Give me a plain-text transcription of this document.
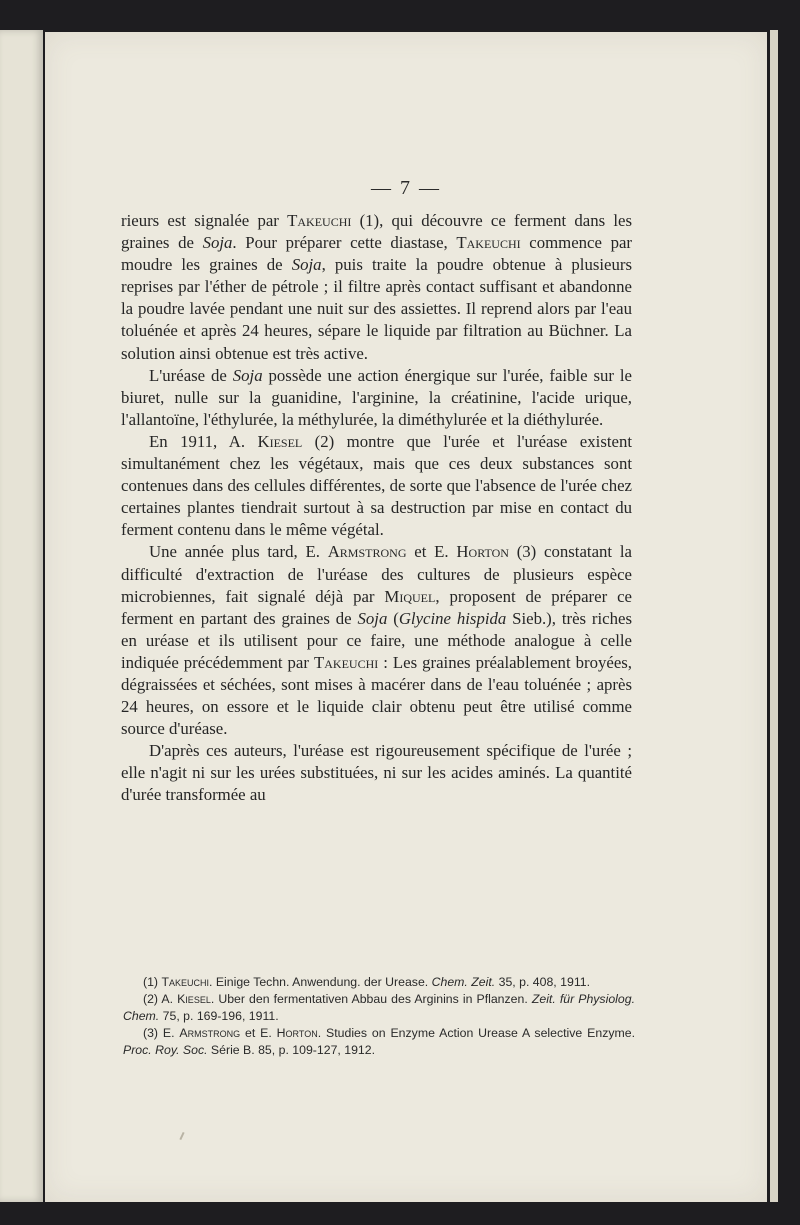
— 7 —

rieurs est signalée par Takeuchi (1), qui découvre ce ferment dans les graines de Soja. Pour préparer cette diastase, Takeuchi commence par moudre les graines de Soja, puis traite la poudre obtenue à plusieurs reprises par l'éther de pétrole ; il filtre après contact suffisant et abandonne la poudre lavée pendant une nuit sur des assiettes. Il reprend alors par l'eau toluénée et après 24 heures, sépare le liquide par filtration au Büchner. La solution ainsi obtenue est très active.

L'uréase de Soja possède une action énergique sur l'urée, faible sur le biuret, nulle sur la guanidine, l'arginine, la créatinine, l'acide urique, l'allantoïne, l'éthylurée, la méthylurée, la diméthylurée et la diéthylurée.

En 1911, A. Kiesel (2) montre que l'urée et l'uréase existent simultanément chez les végétaux, mais que ces deux substances sont contenues dans des cellules différentes, de sorte que l'absence de l'urée chez certaines plantes tiendrait surtout à sa destruction par mise en contact du ferment contenu dans le même végétal.

Une année plus tard, E. Armstrong et E. Horton (3) constatant la difficulté d'extraction de l'uréase des cultures de plusieurs espèce microbiennes, fait signalé déjà par Miquel, proposent de préparer ce ferment en partant des graines de Soja (Glycine hispida Sieb.), très riches en uréase et ils utilisent pour ce faire, une méthode analogue à celle indiquée précédemment par Takeuchi : Les graines préalablement broyées, dégraissées et séchées, sont mises à macérer dans de l'eau toluénée ; après 24 heures, on essore et le liquide clair obtenu peut être utilisé comme source d'uréase.

D'après ces auteurs, l'uréase est rigoureusement spécifique de l'urée ; elle n'agit ni sur les urées substituées, ni sur les acides aminés. La quantité d'urée transformée au

(1) Takeuchi. Einige Techn. Anwendung. der Urease. Chem. Zeit. 35, p. 408, 1911.

(2) A. Kiesel. Uber den fermentativen Abbau des Arginins in Pflanzen. Zeit. für Physiolog. Chem. 75, p. 169-196, 1911.

(3) E. Armstrong et E. Horton. Studies on Enzyme Action Urease A selective Enzyme. Proc. Roy. Soc. Série B. 85, p. 109-127, 1912.
